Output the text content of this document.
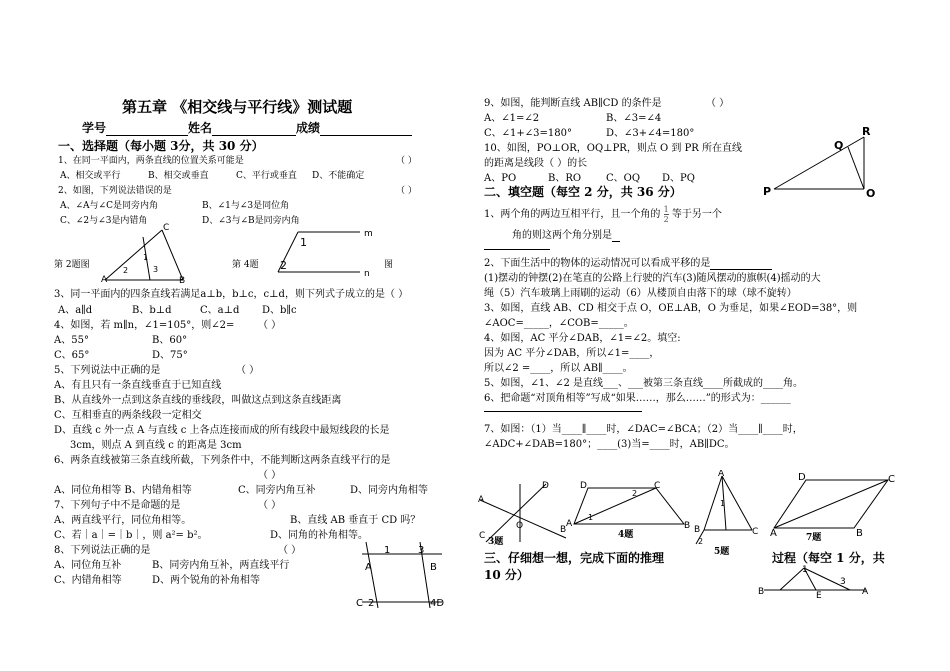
第五章 《相交线与平行线》测试题
学号	姓名	成绩
一、选择题（每小题 3分，共 30 分）
1、在同一平面内，两条直线的位置关系可能是	（ ）
A、相交或平行	B、相交或垂直	C、平行或垂直 D、不能确定
2、如图，下列说法错误的是	（ ）
A、∠A与∠C是同旁内角	B、∠1与∠3是同位角
C、∠2与∠3是内错角	D、∠3与∠B是同旁内角
A
C
B
2
1
3
第 2题图
1
2
m
n
第 4题	图
3、同一平面内的四条直线若满足a⊥b，b⊥c，c⊥d，则下列式子成立的是（ ）
A、a∥d	B、b⊥d	C、a⊥d D、b∥c
4、如图，若 m∥n，∠1=105°，则∠2= （ ）
A、55°	B、60°
C、65°	D、75°
5、下列说法中正确的是	（ ）
A、有且只有一条直线垂直于已知直线
B、从直线外一点到这条直线的垂线段，叫做这点到这条直线距离
C、互相垂直的两条线段一定相交
D、直线 c 外一点 A 与直线 c 上各点连接而成的所有线段中最短线段的长是
3cm，则点 A 到直线 c 的距离是 3cm
6、两条直线被第三条直线所截，下列条件中，不能判断这两条直线平行的是
（ ）
A、同位角相等 B、内错角相等	C、同旁内角互补	D、同旁内角相等
7、下列句子中不是命题的是	（ ）
A、两直线平行，同位角相等。	B、直线 AB 垂直于 CD 吗？
C、若｜a｜=｜b｜，则 a²= b²。	D、同角的补角相等。
8、下列说法正确的是	（ ）
A、同位角互补	B、同旁内角互补，两直线平行
C、内错角相等	D、两个锐角的补角相等
1	3
A	B
C 2	4D
9、如图，能判断直线 AB∥CD 的条件是	（ ）
A、∠1=∠2	B、∠3=∠4
C、∠1+∠3=180°	D、∠3+∠4=180°
10、如图，PO⊥OR，OQ⊥PR，则点 O 到 PR 所在直线
的距离是线段（ ）的长
A、PO	B、RO C、OQ D、PQ
R
Q
P	O
二、填空题（每空 2 分，共 36 分）
1、两个角的两边互相平行，且一个角的 $\frac{1}{2}$ 等于另一个
角的则这两个角分别是
2、下面生活中的物体的运动情况可以看成平移的是
(1)摆动的钟摆(2)在笔直的公路上行驶的汽车(3)随风摆动的旗帜(4)摇动的大
绳（5）汽车玻璃上雨刷的运动（6）从楼顶自由落下的球（球不旋转）
3、如图，直线 AB、CD 相交于点 O，OE⊥AB，O 为垂足，如果∠EOD=38°，则
∠AOC=_____，∠COB=_____。
4、如图，AC 平分∠DAB，∠1=∠2。填空:
因为 AC 平分∠DAB，所以∠1=____，
所以∠2 =____，所以 AB∥____。
5、如图，∠1、∠2 是直线___、___被第三条直线____所截成的____角。
6、把命题“对顶角相等”写成“如果……，那么……”的形式为：______
7、如图：（1）当____∥____时，∠DAC=∠BCA；（2）当____∥____时，
∠ADC+∠DAB=180°；____(3)当=____时，AB∥DC。
A
C
O	B
D
3题
D	C
A	B
1
2
4题
A
B	C
1
2
5题
D	C
A	B
7题
三、仔细想一想，完成下面的推理	过程（每空 1 分，共
10 分）	1
B	E
3
A
